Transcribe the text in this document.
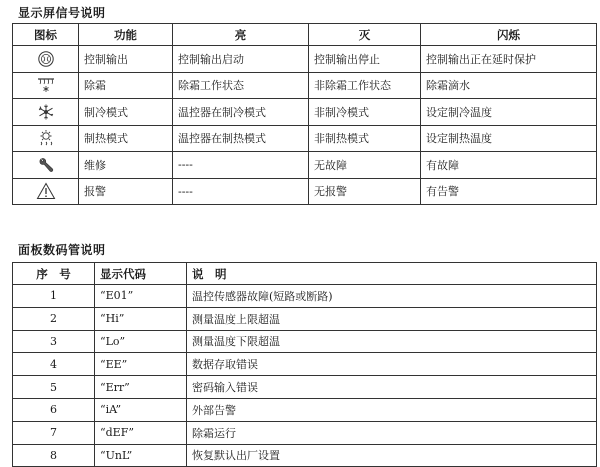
显示屏信号说明
图标	功能	亮	灭	闪烁

	控制输出	控制输出启动	控制输出停止	控制输出正在延时保护

	除霜	除霜工作状态	非除霜工作状态	除霜滴水

	制冷模式	温控器在制冷模式	非制冷模式	设定制冷温度

	制热模式	温控器在制热模式	非制热模式	设定制热温度

	维修	----	无故障	有故障

	报警	----	无报警	有告警
面板数码管说明
序　号	显示代码	说　明
1	“E01”	温控传感器故障(短路或断路)
2	“Hi”	测量温度上限超温
3	“Lo”	测量温度下限超温
4	“EE”	数据存取错误
5	“Err”	密码输入错误
6	“iA”	外部告警
7	“dEF”	除霜运行
8	“UnL”	恢复默认出厂设置
